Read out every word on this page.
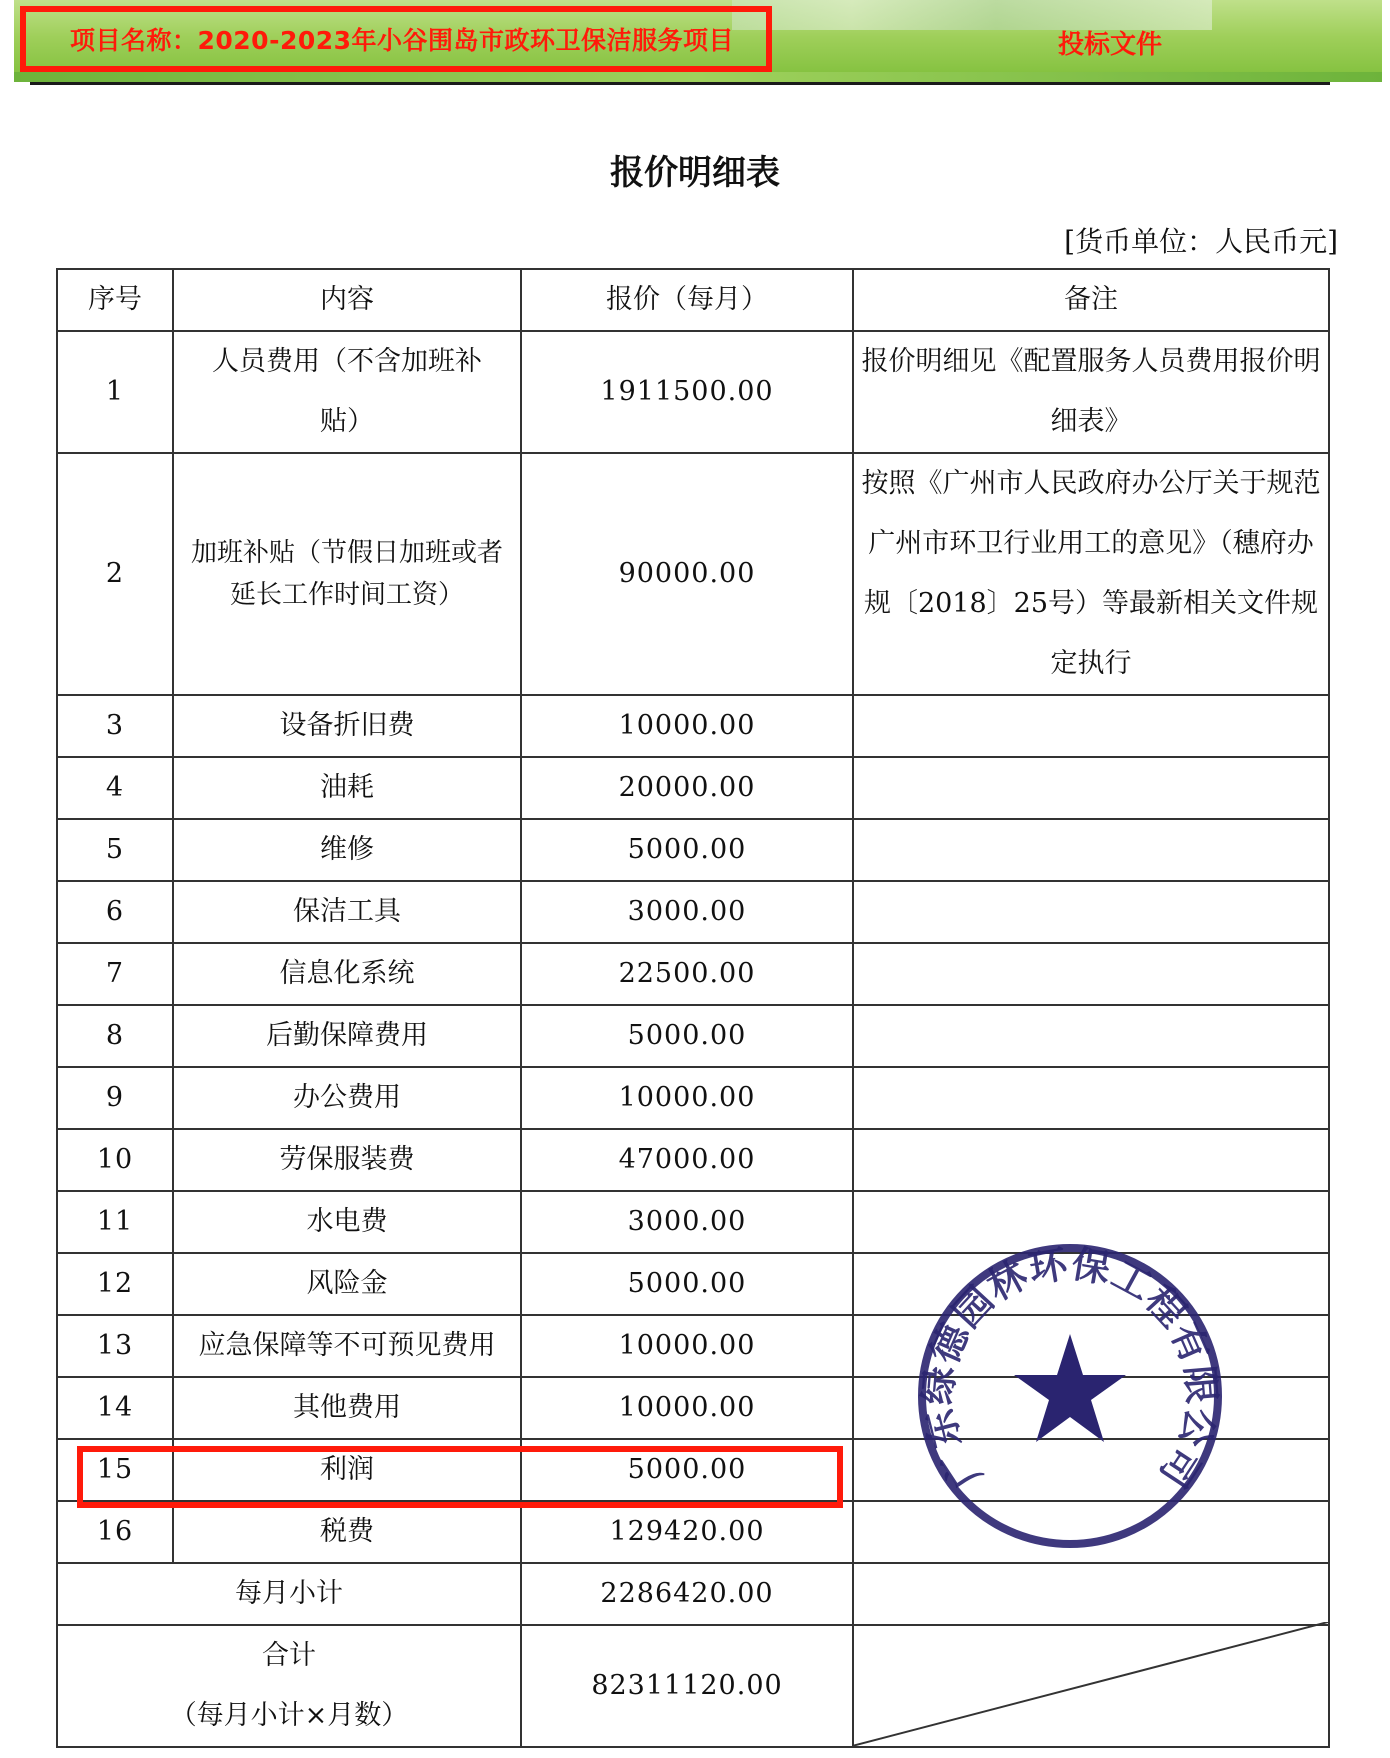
项目名称：2020-2023年小谷围岛市政环卫保洁服务项目	投标文件
报价明细表
[货币单位：人民币元]
序号	内容	报价（每月）	备注
1	人员费用（不含加班补贴）	1911500.00	报价明细见《配置服务人员费用报价明细表》
2	加班补贴（节假日加班或者延长工作时间工资）	90000.00	按照《广州市人民政府办公厅关于规范广州市环卫行业用工的意见》（穗府办规〔2018〕25号）等最新相关文件规定执行
3	设备折旧费	10000.00	
4	油耗	20000.00	
5	维修	5000.00	
6	保洁工具	3000.00	
7	信息化系统	22500.00	
8	后勤保障费用	5000.00	
9	办公费用	10000.00	
10	劳保服装费	47000.00	
11	水电费	3000.00	
12	风险金	5000.00	
13	应急保障等不可预见费用	10000.00	
14	其他费用	10000.00	
15	利润	5000.00	
16	税费	129420.00	
每月小计		2286420.00	

合计
（每月小计×月数）		82311120.00	
广东绿德园林环保工程有限公司
